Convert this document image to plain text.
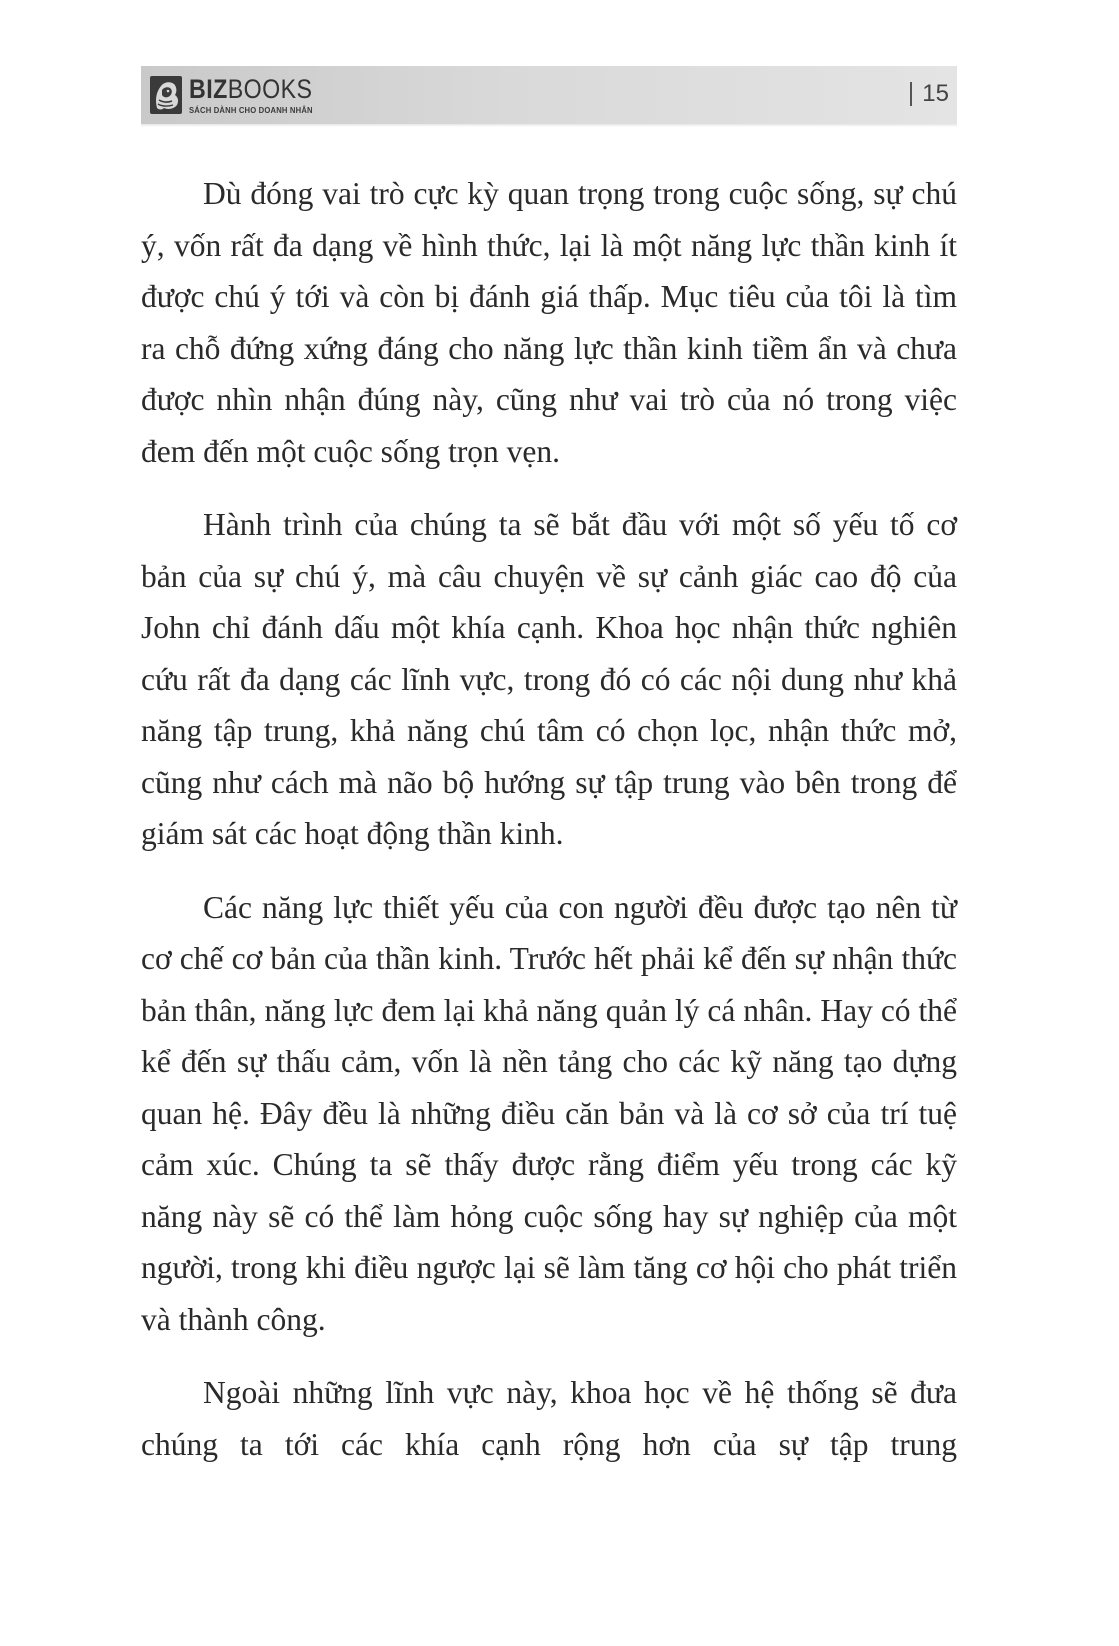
BIZBOOKS
SÁCH DÀNH CHO DOANH NHÂN
15

Dù đóng vai trò cực kỳ quan trọng trong cuộc sống, sự chú ý, vốn rất đa dạng về hình thức, lại là một năng lực thần kinh ít được chú ý tới và còn bị đánh giá thấp. Mục tiêu của tôi là tìm ra chỗ đứng xứng đáng cho năng lực thần kinh tiềm ẩn và chưa được nhìn nhận đúng này, cũng như vai trò của nó trong việc đem đến một cuộc sống trọn vẹn.

Hành trình của chúng ta sẽ bắt đầu với một số yếu tố cơ bản của sự chú ý, mà câu chuyện về sự cảnh giác cao độ của John chỉ đánh dấu một khía cạnh. Khoa học nhận thức nghiên cứu rất đa dạng các lĩnh vực, trong đó có các nội dung như khả năng tập trung, khả năng chú tâm có chọn lọc, nhận thức mở, cũng như cách mà não bộ hướng sự tập trung vào bên trong để giám sát các hoạt động thần kinh.

Các năng lực thiết yếu của con người đều được tạo nên từ cơ chế cơ bản của thần kinh. Trước hết phải kể đến sự nhận thức bản thân, năng lực đem lại khả năng quản lý cá nhân. Hay có thể kể đến sự thấu cảm, vốn là nền tảng cho các kỹ năng tạo dựng quan hệ. Đây đều là những điều căn bản và là cơ sở của trí tuệ cảm xúc. Chúng ta sẽ thấy được rằng điểm yếu trong các kỹ năng này sẽ có thể làm hỏng cuộc sống hay sự nghiệp của một người, trong khi điều ngược lại sẽ làm tăng cơ hội cho phát triển và thành công.

Ngoài những lĩnh vực này, khoa học về hệ thống sẽ đưa chúng ta tới các khía cạnh rộng hơn của sự tập trung
